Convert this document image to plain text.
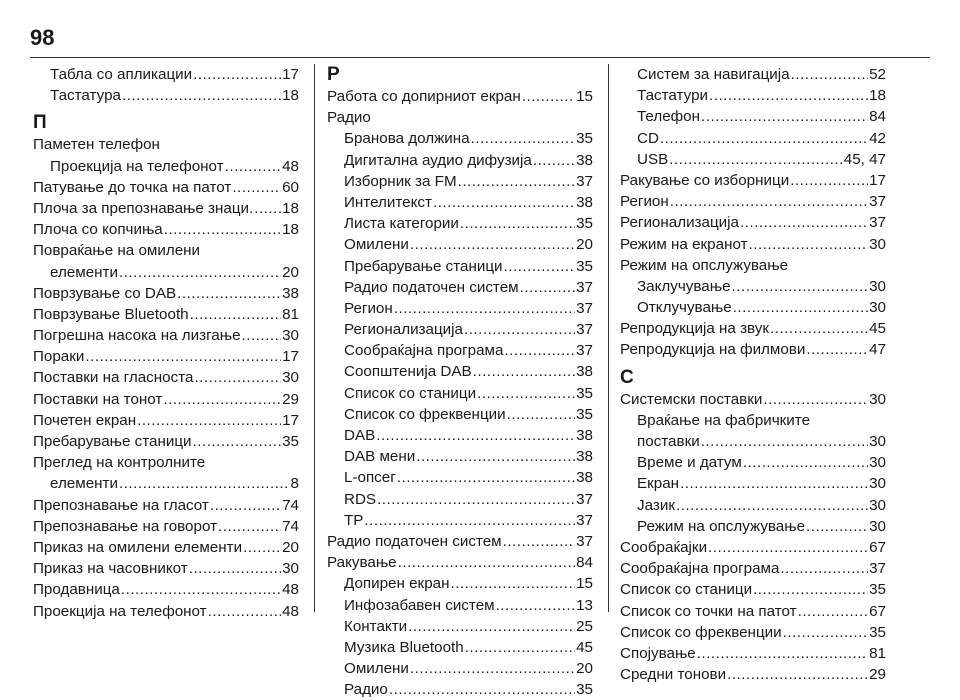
98
Табла со апликации .....	17
Тастатура .....	18
П
Паметен телефон
Проекција на телефонот .....	48
Патување до точка на патот .....	60
Плоча за препознавање знаци. ..... 18
Плоча со копчиња .....	18
Повраќање на омилени
елементи .....	20
Поврзување со DAB .....	38
Поврзување Bluetooth .....	81
Погрешна насока на лизгање .....	30
Пораки .....	17
Поставки на гласноста .....	30
Поставки на тонот .....	29
Почетен екран .....	17
Пребарување станици .....	35
Преглед на контролните
елементи .....	8
Препознавање на гласот .....	74
Препознавање на говорот .....	74
Приказ на омилени елементи .....	20
Приказ на часовникот .....	30
Продавница .....	48
Проекција на телефонот .....	48
Р
Работа со допирниот екран .....	15
Радио
Бранова должина .....	35
Дигитална аудио дифузија .....	38
Изборник за FM .....	37
Интелитекст .....	38
Листа категории .....	35
Омилени .....	20
Пребарување станици .....	35
Радио податочен систем .....	37
Регион .....	37
Регионализација .....	37
Сообраќајна програма .....	37
Соопштенија DAB .....	38
Список со станици .....	35
Список со фреквенции .....	35
DAB .....	38
DAB мени .....	38
L-опсег .....	38
RDS .....	37
TP .....	37
Радио податочен систем .....	37
Ракување .....	84
Допирен екран .....	15
Инфозабавен систем .....	13
Контакти .....	25
Музика Bluetooth .....	45
Омилени .....	20
Радио .....	35
Систем за навигација .....	52
Тастатури .....	18
Телефон .....	84
CD .....	42
USB .....	45, 47
Ракување со изборници .....	17
Регион .....	37
Регионализација .....	37
Режим на екранот .....	30
Режим на опслужување
Заклучување .....	30
Отклучување .....	30
Репродукција на звук .....	45
Репродукција на филмови .....	47
С
Системски поставки .....	30
Враќање на фабричките
поставки .....	30
Време и датум .....	30
Екран .....	30
Јазик .....	30
Режим на опслужување .....	30
Сообраќајки .....	67
Сообраќајна програма .....	37
Список со станици .....	35
Список со точки на патот .....	67
Список со фреквенции .....	35
Спојување .....	81
Средни тонови .....	29
